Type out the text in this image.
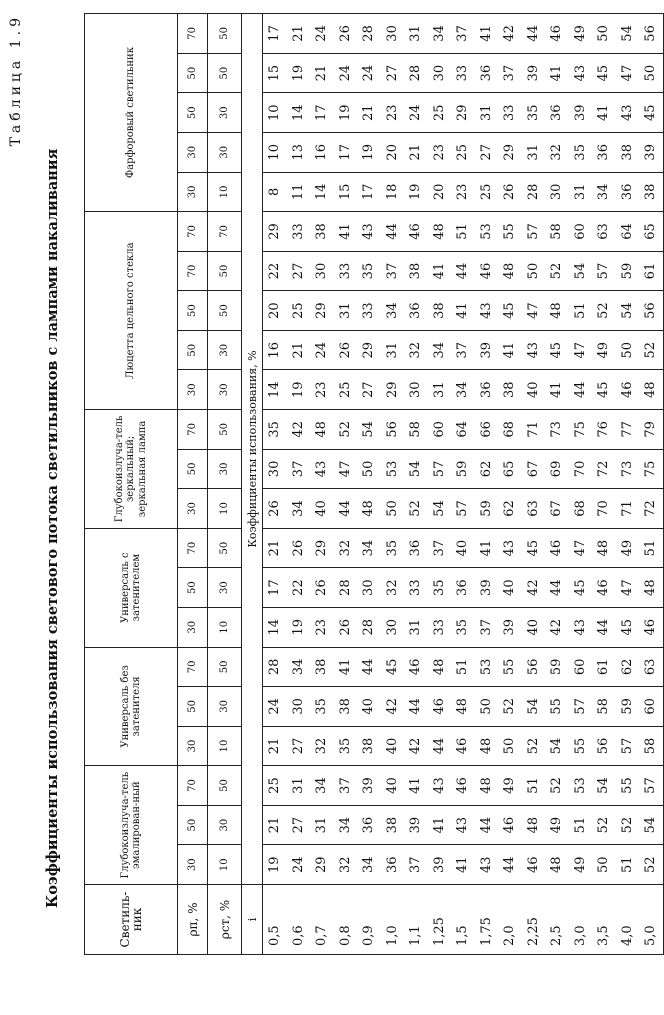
Таблица 1.9
Коэффициенты использования светового потока светильников с лампами накаливания
Светиль-ник	Глубокоизлуча-тель эмалирован-ный			Универсаль без затенителя			Универсаль с затенителем			Глубокоизлуча-тель зеркальный; зеркальная лампа			Люцетта цельного стекла					Фарфоровый светильник				
ρп, %	30	50	70	30	50	70	30	50	70	30	50	70	30	50	50	70	70	30	30	50	50	70
ρст, %	10	30	50	10	30	50	10	30	50	10	30	50	30	30	50	50	70	10	30	30	50	50
i	Коэффициенты использования, %																					
0,5	19	21	25	21	24	28	14	17	21	26	30	35	14	16	20	22	29	8	10	10	15	17
0,6	24	27	31	27	30	34	19	22	26	34	37	42	19	21	25	27	33	11	13	14	19	21
0,7	29	31	34	32	35	38	23	26	29	40	43	48	23	24	29	30	38	14	16	17	21	24
0,8	32	34	37	35	38	41	26	28	32	44	47	52	25	26	31	33	41	15	17	19	24	26
0,9	34	36	39	38	40	44	28	30	34	48	50	54	27	29	33	35	43	17	19	21	24	28
1,0	36	38	40	40	42	45	30	32	35	50	53	56	29	31	34	37	44	18	20	23	27	30
1,1	37	39	41	42	44	46	31	33	36	52	54	58	30	32	36	38	46	19	21	24	28	31
1,25	39	41	43	44	46	48	33	35	37	54	57	60	31	34	38	41	48	20	23	25	30	34
1,5	41	43	46	46	48	51	35	36	40	57	59	64	34	37	41	44	51	23	25	29	33	37
1,75	43	44	48	48	50	53	37	39	41	59	62	66	36	39	43	46	53	25	27	31	36	41
2,0	44	46	49	50	52	55	39	40	43	62	65	68	38	41	45	48	55	26	29	33	37	42
2,25	46	48	51	52	54	56	40	42	45	63	67	71	40	43	47	50	57	28	31	35	39	44
2,5	48	49	52	54	55	59	42	44	46	67	69	73	41	45	48	52	58	30	32	36	41	46
3,0	49	51	53	55	57	60	43	45	47	68	70	75	44	47	51	54	60	31	35	39	43	49
3,5	50	52	54	56	58	61	44	46	48	70	72	76	45	49	52	57	63	34	36	41	45	50
4,0	51	52	55	57	59	62	45	47	49	71	73	77	46	50	54	59	64	36	38	43	47	54
5,0	52	54	57	58	60	63	46	48	51	72	75	79	48	52	56	61	65	38	39	45	50	56
